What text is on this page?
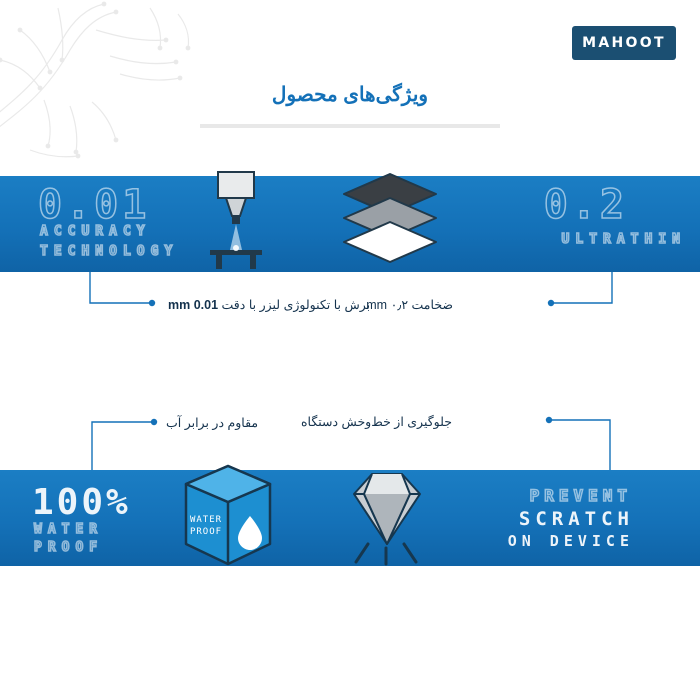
MAHOOT
ویژگی‌های محصول
0.01
ACCURACY
TECHNOLOGY
0.2
ULTRATHIN
100%
WATER
PROOF
WATER
PROOF
PREVENT
SCRATCH
ON DEVICE
برش با تکنولوژی لیزر با دقت 0.01 mm	ضخامت ۰٫۲ mm
مقاوم در برابر آب	جلوگیری از خط‌وخش دستگاه
